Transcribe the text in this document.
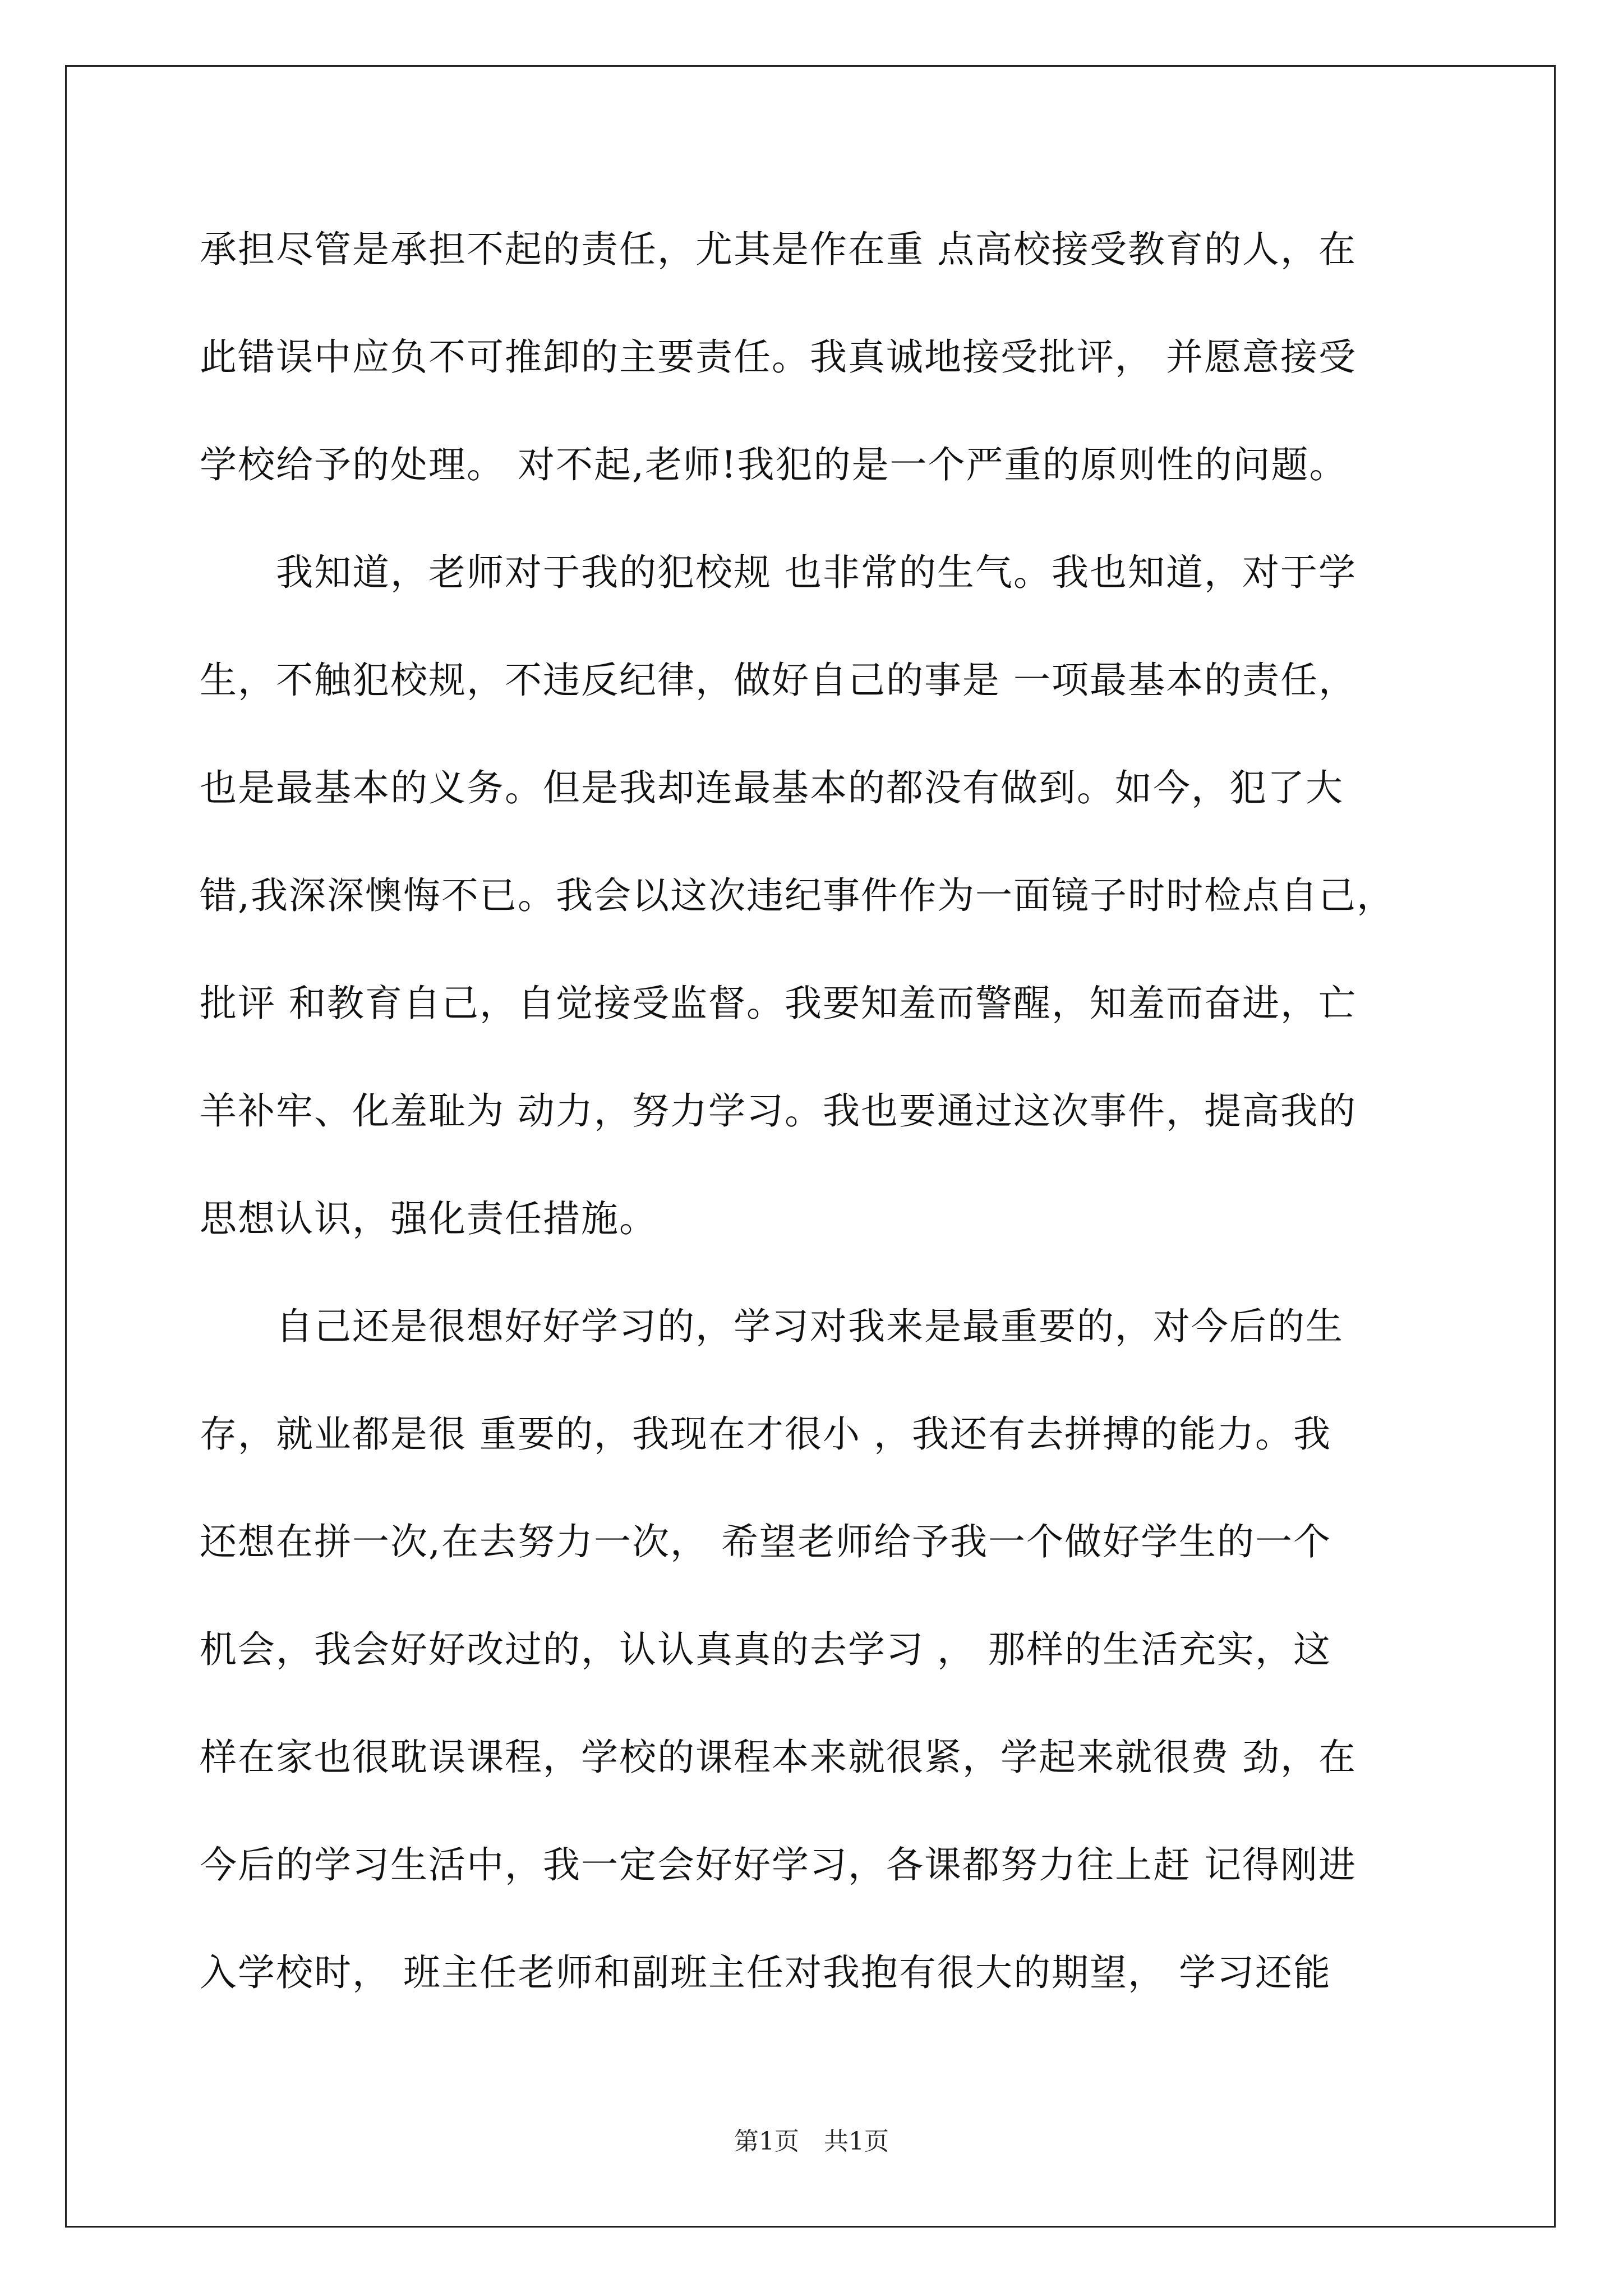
承担尽管是承担不起的责任，尤其是作在重 点高校接受教育的人，在
此错误中应负不可推卸的主要责任。我真诚地接受批评， 并愿意接受
学校给予的处理。 对不起,老师!我犯的是一个严重的原则性的问题。
　　我知道，老师对于我的犯校规 也非常的生气。我也知道，对于学
生，不触犯校规，不违反纪律，做好自己的事是 一项最基本的责任，
也是最基本的义务。但是我却连最基本的都没有做到。如今，犯了大
错,我深深懊悔不已。我会以这次违纪事件作为一面镜子时时检点自己，
批评 和教育自己，自觉接受监督。我要知羞而警醒，知羞而奋进，亡
羊补牢、化羞耻为 动力，努力学习。我也要通过这次事件，提高我的
思想认识，强化责任措施。
　　自己还是很想好好学习的，学习对我来是最重要的，对今后的生
存，就业都是很 重要的，我现在才很小 ，我还有去拼搏的能力。我
还想在拼一次,在去努力一次， 希望老师给予我一个做好学生的一个
机会，我会好好改过的，认认真真的去学习 ， 那样的生活充实，这
样在家也很耽误课程，学校的课程本来就很紧，学起来就很费 劲，在
今后的学习生活中，我一定会好好学习，各课都努力往上赶 记得刚进
入学校时， 班主任老师和副班主任对我抱有很大的期望， 学习还能
第1页　共1页
